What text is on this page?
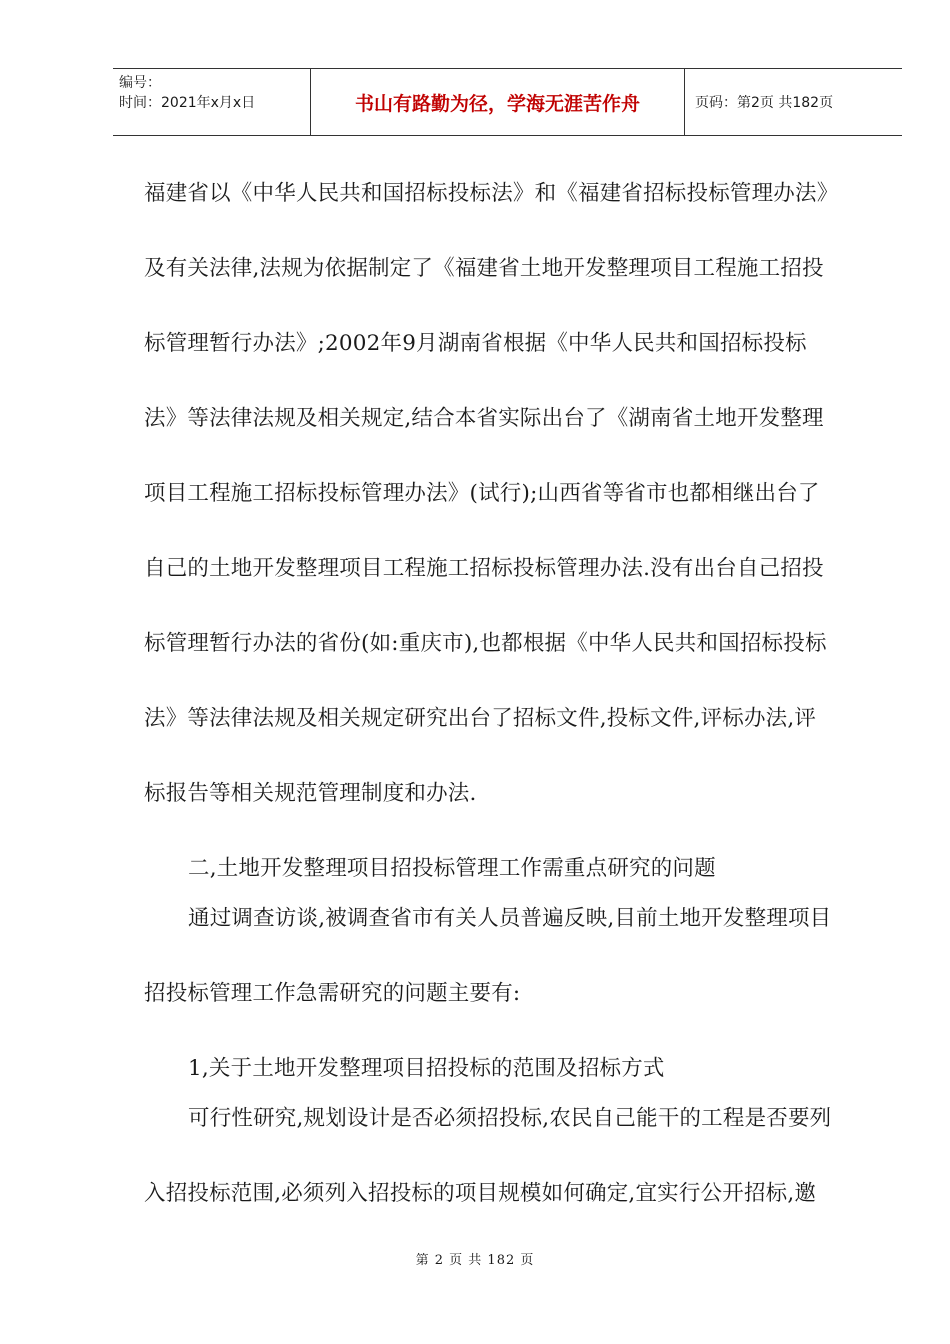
编号：
时间：2021年x月x日	书山有路勤为径，学海无涯苦作舟	页码：第2页 共182页
福建省以《中华人民共和国招标投标法》和《福建省招标投标管理办法》
及有关法律,法规为依据制定了《福建省土地开发整理项目工程施工招投
标管理暂行办法》;2002年9月湖南省根据《中华人民共和国招标投标
法》等法律法规及相关规定,结合本省实际出台了《湖南省土地开发整理
项目工程施工招标投标管理办法》(试行);山西省等省市也都相继出台了
自己的土地开发整理项目工程施工招标投标管理办法.没有出台自己招投
标管理暂行办法的省份(如:重庆市),也都根据《中华人民共和国招标投标
法》等法律法规及相关规定研究出台了招标文件,投标文件,评标办法,评
标报告等相关规范管理制度和办法.
二,土地开发整理项目招投标管理工作需重点研究的问题
通过调查访谈,被调查省市有关人员普遍反映,目前土地开发整理项目
招投标管理工作急需研究的问题主要有:
1,关于土地开发整理项目招投标的范围及招标方式
可行性研究,规划设计是否必须招投标,农民自己能干的工程是否要列
入招投标范围,必须列入招投标的项目规模如何确定,宜实行公开招标,邀
第 2 页 共 182 页
